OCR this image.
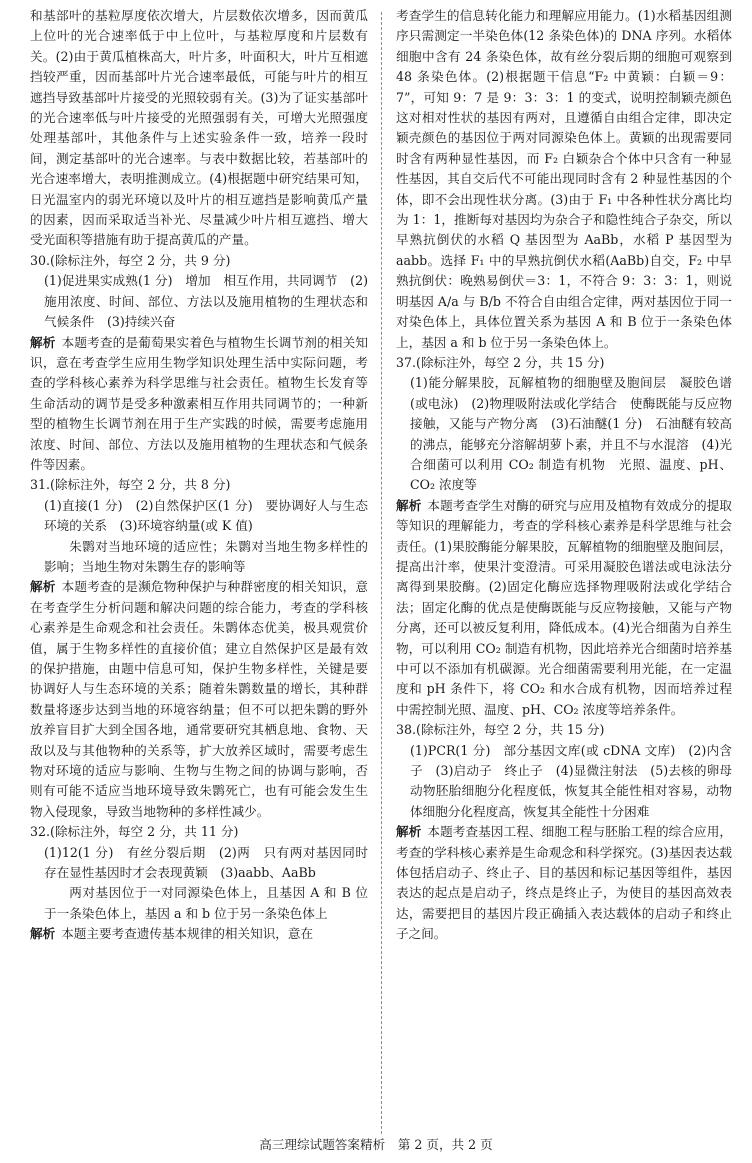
和基部叶的基粒厚度依次增大，片层数依次增多，因而黄瓜上位叶的光合速率低于中上位叶，与基粒厚度和片层数有关。(2)由于黄瓜植株高大，叶片多，叶面积大，叶片互相遮挡较严重，因而基部叶片光合速率最低，可能与叶片的相互遮挡导致基部叶片接受的光照较弱有关。(3)为了证实基部叶的光合速率低与叶片接受的光照强弱有关，可增大光照强度处理基部叶，其他条件与上述实验条件一致，培养一段时间，测定基部叶的光合速率。与表中数据比较，若基部叶的光合速率增大，表明推测成立。(4)根据题中研究结果可知，日光温室内的弱光环境以及叶片的相互遮挡是影响黄瓜产量的因素，因而采取适当补光、尽量减少叶片相互遮挡、增大受光面积等措施有助于提高黄瓜的产量。

30.(除标注外，每空 2 分，共 9 分)

(1)促进果实成熟(1 分)　增加　相互作用，共同调节　(2)施用浓度、时间、部位、方法以及施用植物的生理状态和气候条件　(3)持续兴奋

解析 本题考查的是葡萄果实着色与植物生长调节剂的相关知识，意在考查学生应用生物学知识处理生活中实际问题，考查的学科核心素养为科学思维与社会责任。植物生长发育等生命活动的调节是受多种激素相互作用共同调节的；一种新型的植物生长调节剂在用于生产实践的时候，需要考虑施用浓度、时间、部位、方法以及施用植物的生理状态和气候条件等因素。

31.(除标注外，每空 2 分，共 8 分)

(1)直接(1 分)　(2)自然保护区(1 分)　要协调好人与生态环境的关系　(3)环境容纳量(或 K 值)

朱鹮对当地环境的适应性；朱鹮对当地生物多样性的影响；当地生物对朱鹮生存的影响等

解析 本题考查的是濒危物种保护与种群密度的相关知识，意在考查学生分析问题和解决问题的综合能力，考查的学科核心素养是生命观念和社会责任。朱鹮体态优美，极具观赏价值，属于生物多样性的直接价值；建立自然保护区是最有效的保护措施，由题中信息可知，保护生物多样性，关键是要协调好人与生态环境的关系；随着朱鹮数量的增长，其种群数量将逐步达到当地的环境容纳量；但不可以把朱鹮的野外放养盲目扩大到全国各地，通常要研究其栖息地、食物、天敌以及与其他物种的关系等，扩大放养区域时，需要考虑生物对环境的适应与影响、生物与生物之间的协调与影响，否则有可能不适应当地环境导致朱鹮死亡，也有可能会发生生物入侵现象，导致当地物种的多样性减少。

32.(除标注外，每空 2 分，共 11 分)

(1)12(1 分)　有丝分裂后期　(2)两　只有两对基因同时存在显性基因时才会表现黄颖　(3)aabb、AaBb

两对基因位于一对同源染色体上，且基因 A 和 B 位于一条染色体上，基因 a 和 b 位于另一条染色体上

解析 本题主要考查遗传基本规律的相关知识，意在

考查学生的信息转化能力和理解应用能力。(1)水稻基因组测序只需测定一半染色体(12 条染色体)的 DNA 序列。水稻体细胞中含有 24 条染色体，故有丝分裂后期的细胞可观察到 48 条染色体。(2)根据题干信息“F₂ 中黄颖：白颖＝9：7”，可知 9：7 是 9：3：3：1 的变式，说明控制颖壳颜色这对相对性状的基因有两对，且遵循自由组合定律，即决定颖壳颜色的基因位于两对同源染色体上。黄颖的出现需要同时含有两种显性基因，而 F₂ 白颖杂合个体中只含有一种显性基因，其自交后代不可能出现同时含有 2 种显性基因的个体，即不会出现性状分离。(3)由于 F₁ 中各种性状分离比均为 1：1，推断每对基因均为杂合子和隐性纯合子杂交，所以早熟抗倒伏的水稻 Q 基因型为 AaBb，水稻 P 基因型为 aabb。选择 F₁ 中的早熟抗倒伏水稻(AaBb)自交，F₂ 中早熟抗倒伏：晚熟易倒伏＝3：1，不符合 9：3：3：1，则说明基因 A/a 与 B/b 不符合自由组合定律，两对基因位于同一对染色体上，具体位置关系为基因 A 和 B 位于一条染色体上，基因 a 和 b 位于另一条染色体上。

37.(除标注外，每空 2 分，共 15 分)

(1)能分解果胶，瓦解植物的细胞壁及胞间层　凝胶色谱(或电泳)　(2)物理吸附法或化学结合　使酶既能与反应物接触，又能与产物分离　(3)石油醚(1 分)　石油醚有较高的沸点，能够充分溶解胡萝卜素，并且不与水混溶　(4)光合细菌可以利用 CO₂ 制造有机物　光照、温度、pH、CO₂ 浓度等

解析 本题考查学生对酶的研究与应用及植物有效成分的提取等知识的理解能力，考查的学科核心素养是科学思维与社会责任。(1)果胶酶能分解果胶，瓦解植物的细胞壁及胞间层，提高出汁率，使果汁变澄清。可采用凝胶色谱法或电泳法分离得到果胶酶。(2)固定化酶应选择物理吸附法或化学结合法；固定化酶的优点是使酶既能与反应物接触，又能与产物分离，还可以被反复利用，降低成本。(4)光合细菌为自养生物，可以利用 CO₂ 制造有机物，因此培养光合细菌时培养基中可以不添加有机碳源。光合细菌需要利用光能，在一定温度和 pH 条件下，将 CO₂ 和水合成有机物，因而培养过程中需控制光照、温度、pH、CO₂ 浓度等培养条件。

38.(除标注外，每空 2 分，共 15 分)

(1)PCR(1 分)　部分基因文库(或 cDNA 文库)　(2)内含子　(3)启动子　终止子　(4)显微注射法　(5)去核的卵母　动物胚胎细胞分化程度低，恢复其全能性相对容易，动物体细胞分化程度高，恢复其全能性十分困难

解析 本题考查基因工程、细胞工程与胚胎工程的综合应用，考查的学科核心素养是生命观念和科学探究。(3)基因表达载体包括启动子、终止子、目的基因和标记基因等组件，基因表达的起点是启动子，终点是终止子，为使目的基因高效表达，需要把目的基因片段正确插入表达载体的启动子和终止子之间。

高三理综试题答案精析　第 2 页，共 2 页
